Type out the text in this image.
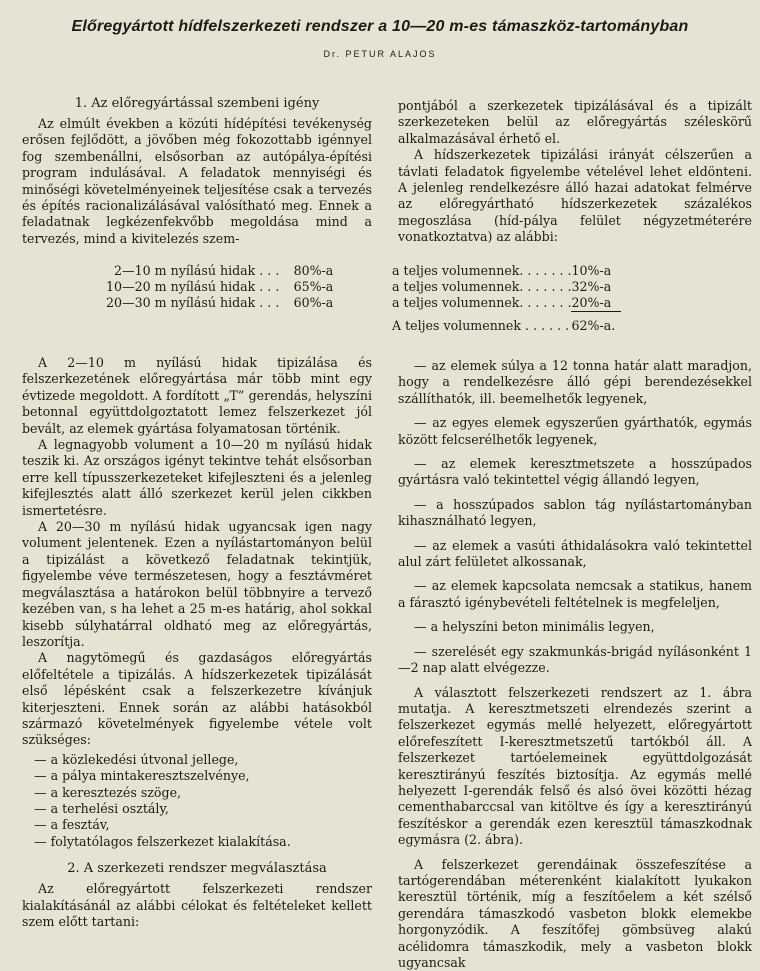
Előregyártott hídfelszerkezeti rendszer a 10—20 m-es támaszköz-tartományban
Dr. PETUR ALAJOS
1. Az előregyártással szembeni igény

Az elmúlt években a közúti hídépítési tevékenység erősen fejlődött, a jövőben még fokozottabb igénnyel fog szembenállni, elsősorban az autópálya-építési program indulásával. A feladatok mennyiségi és minőségi követelményeinek teljesítése csak a tervezés és építés racionalizálásával valósítható meg. Ennek a feladatnak legkézenfekvőbb megoldása mind a tervezés, mind a kivitelezés szem-

2—10 m nyílású hidak . . .	80%-a
10—20 m nyílású hidak . . .	65%-a
20—30 m nyílású hidak . . .	60%-a
a teljes volumennek. . . . . . .	10%-a
a teljes volumennek. . . . . . .	32%-a
a teljes volumennek. . . . . . .	20%-a
A teljes volumennek . . . . . .	62%-a.

A 2—10 m nyílású hidak tipizálása és felszerkezetének előregyártása már több mint egy évtizede megoldott. A fordított „T” gerendás, helyszíni betonnal együttdolgoztatott lemez felszerkezet jól bevált, az elemek gyártása folyamatosan történik.

A legnagyobb volument a 10—20 m nyílású hidak teszik ki. Az országos igényt tekintve tehát elsősorban erre kell típusszerkezeteket kifejleszteni és a jelenleg kifejlesztés alatt álló szerkezet kerül jelen cikkben ismertetésre.

A 20—30 m nyílású hidak ugyancsak igen nagy volument jelentenek. Ezen a nyílástartományon belül a tipizálást a következő feladatnak tekintjük, figyelembe véve természetesen, hogy a fesztávméret megválasztása a határokon belül többnyire a tervező kezében van, s ha lehet a 25 m-es határig, ahol sokkal kisebb súlyhatárral oldható meg az előregyártás, leszorítja.

A nagytömegű és gazdaságos előregyártás előfeltétele a tipizálás. A hídszerkezetek tipizálását első lépésként csak a felszerkezetre kívánjuk kiterjeszteni. Ennek során az alábbi hatásokból származó követelmények figyelembe vétele volt szükséges:

— a közlekedési útvonal jellege,
— a pálya mintakeresztszelvénye,
— a keresztezés szöge,
— a terhelési osztály,
— a fesztáv,
— folytatólagos felszerkezet kialakítása.
2. A szerkezeti rendszer megválasztása

Az előregyártott felszerkezeti rendszer kialakításánál az alábbi célokat és feltételeket kellett szem előtt tartani:

pontjából a szerkezetek tipizálásával és a tipizált szerkezeteken belül az előregyártás széleskörű alkalmazásával érhető el.

A hídszerkezetek tipizálási irányát célszerűen a távlati feladatok figyelembe vételével lehet eldönteni. A jelenleg rendelkezésre álló hazai adatokat felmérve az előregyártható hídszerkezetek százalékos megoszlása (híd-pálya felület négyzetméterére vonatkoztatva) az alábbi:

— az elemek súlya a 12 tonna határ alatt maradjon, hogy a rendelkezésre álló gépi berendezésekkel szállíthatók, ill. beemelhetők legyenek,
— az egyes elemek egyszerűen gyárthatók, egymás között felcserélhetők legyenek,
— az elemek keresztmetszete a hosszúpados gyártásra való tekintettel végig állandó legyen,
— a hosszúpados sablon tág nyílástartományban kihasználható legyen,
— az elemek a vasúti áthidalásokra való tekintettel alul zárt felületet alkossanak,
— az elemek kapcsolata nemcsak a statikus, hanem a fárasztó igénybevételi feltételnek is megfeleljen,
— a helyszíni beton minimális legyen,
— szerelését egy szakmunkás-brigád nyílásonként 1—2 nap alatt elvégezze.

A választott felszerkezeti rendszert az 1. ábra mutatja. A keresztmetszeti elrendezés szerint a felszerkezet egymás mellé helyezett, előregyártott előrefeszített I-keresztmetszetű tartókból áll. A felszerkezet tartóelemeinek együttdolgozását keresztirányú feszítés biztosítja. Az egymás mellé helyezett I-gerendák felső és alsó övei közötti hézag cementhabarccsal van kitöltve és így a keresztirányú feszítéskor a gerendák ezen keresztül támaszkodnak egymásra (2. ábra).

A felszerkezet gerendáinak összefeszítése a tartógerendában méterenként kialakított lyukakon keresztül történik, míg a feszítőelem a két szélső gerendára támaszkodó vasbeton blokk elemekbe horgonyzódik. A feszítőfej gömbsüveg alakú acélidomra támaszkodik, mely a vasbeton blokk ugyancsak
